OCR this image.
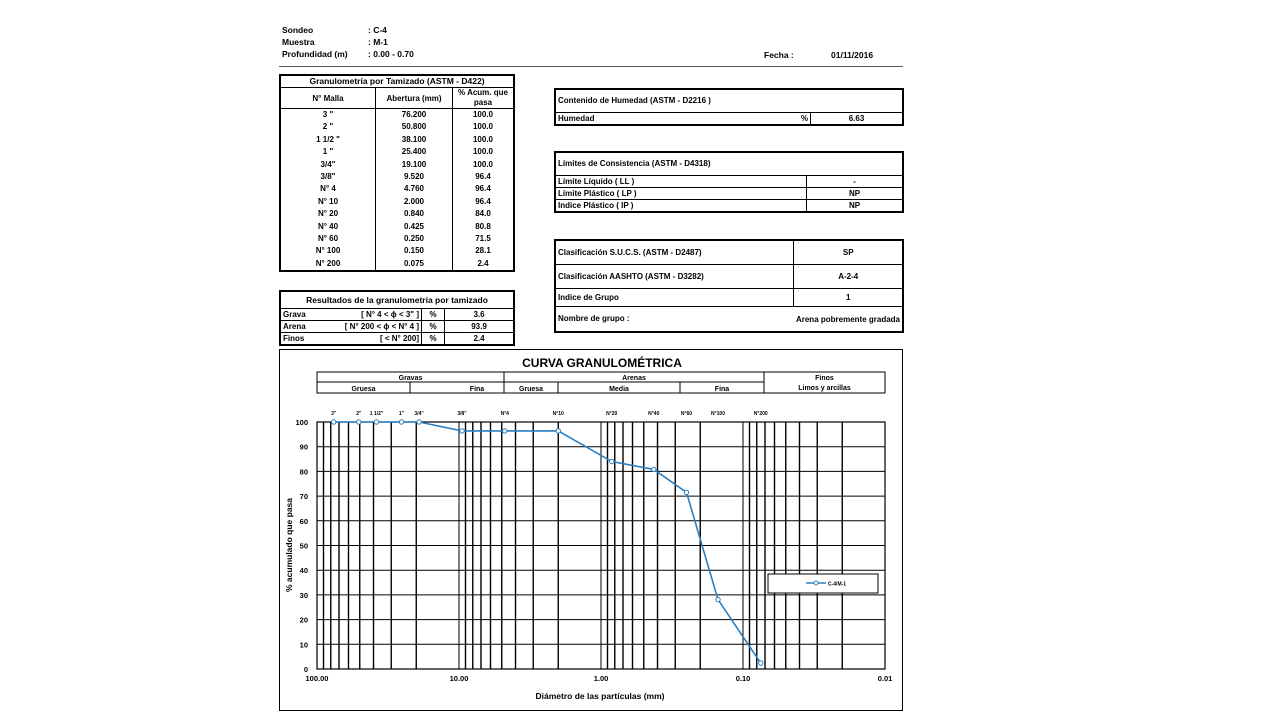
Sondeo	: C-4
Muestra	: M-1
Profundidad (m) : 0.00 - 0.70	Fecha :	01/11/2016
Granulometría por Tamizado (ASTM - D422)		
N° Malla	Abertura (mm)	% Acum. que
pasa
3 "	76.200	100.0
2 "	50.800	100.0
1 1/2 "	38.100	100.0
1 "	25.400	100.0
3/4"	19.100	100.0
3/8"	9.520	96.4
N° 4	4.760	96.4
N° 10	2.000	96.4
N° 20	0.840	84.0
N° 40	0.425	80.8
N° 60	0.250	71.5
N° 100	0.150	28.1
N° 200	0.075	2.4
Resultados de la granulometría por tamizado			
Grava	[ N° 4 < ϕ < 3" ]	%	3.6
Arena	[ N° 200 < ϕ < N° 4 ]	%	93.9
Finos	[ < N° 200]	%	2.4
Contenido de Humedad (ASTM - D2216 )
Humedad	%	6.63
Límites de Consistencia (ASTM - D4318)	
Límite Líquido ( LL )	-
Límite Plástico ( LP )	NP
Indice Plástico ( IP )	NP
Clasificación S.U.C.S. (ASTM - D2487)	SP
Clasificación AASHTO (ASTM - D3282)	A-2-4
Indice de Grupo	1
Nombre de grupo :	Arena pobremente gradada
CURVA GRANULOMÉTRICA
Gravas
Gruesa	Fina
Arenas
Gruesa	Media	Fina
Finos
Limos y arcillas
3"	2" 1 1/2"	1" 3/4"	3/8"	N°4	N°10	N°20	N°40	N°60	N°100	N°200
0
10
20
30
40
50
60
70
80
90
100
100.00	10.00	1.00	0.10	0.01
Diámetro de las partículas (mm)
% acumulado que pasa	C-4/M-1
